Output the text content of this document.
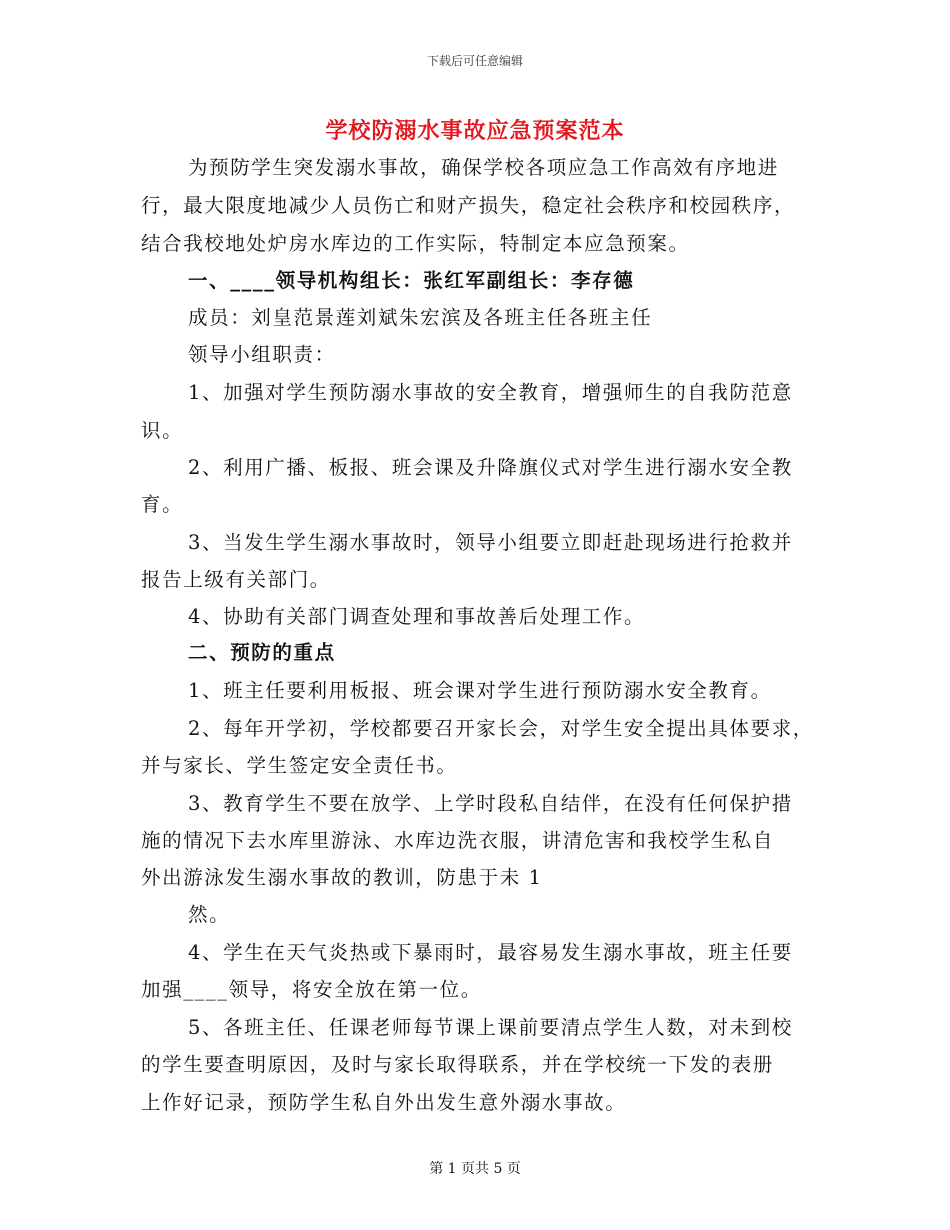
下载后可任意编辑
学校防溺水事故应急预案范本
为预防学生突发溺水事故，确保学校各项应急工作高效有序地进
行，最大限度地减少人员伤亡和财产损失，稳定社会秩序和校园秩序，
结合我校地处炉房水库边的工作实际，特制定本应急预案。
一、____领导机构组长：张红军副组长：李存德
成员：刘皇范景莲刘斌朱宏滨及各班主任各班主任
领导小组职责：
1、加强对学生预防溺水事故的安全教育，增强师生的自我防范意
识。
2、利用广播、板报、班会课及升降旗仪式对学生进行溺水安全教
育。
3、当发生学生溺水事故时，领导小组要立即赶赴现场进行抢救并
报告上级有关部门。
4、协助有关部门调查处理和事故善后处理工作。
二、预防的重点
1、班主任要利用板报、班会课对学生进行预防溺水安全教育。
2、每年开学初，学校都要召开家长会，对学生安全提出具体要求，
并与家长、学生签定安全责任书。
3、教育学生不要在放学、上学时段私自结伴，在没有任何保护措
施的情况下去水库里游泳、水库边洗衣服，讲清危害和我校学生私自
外出游泳发生溺水事故的教训，防患于未 1
然。
4、学生在天气炎热或下暴雨时，最容易发生溺水事故，班主任要
加强____领导，将安全放在第一位。
5、各班主任、任课老师每节课上课前要清点学生人数，对未到校
的学生要查明原因，及时与家长取得联系，并在学校统一下发的表册
上作好记录，预防学生私自外出发生意外溺水事故。
第 1 页共 5 页
